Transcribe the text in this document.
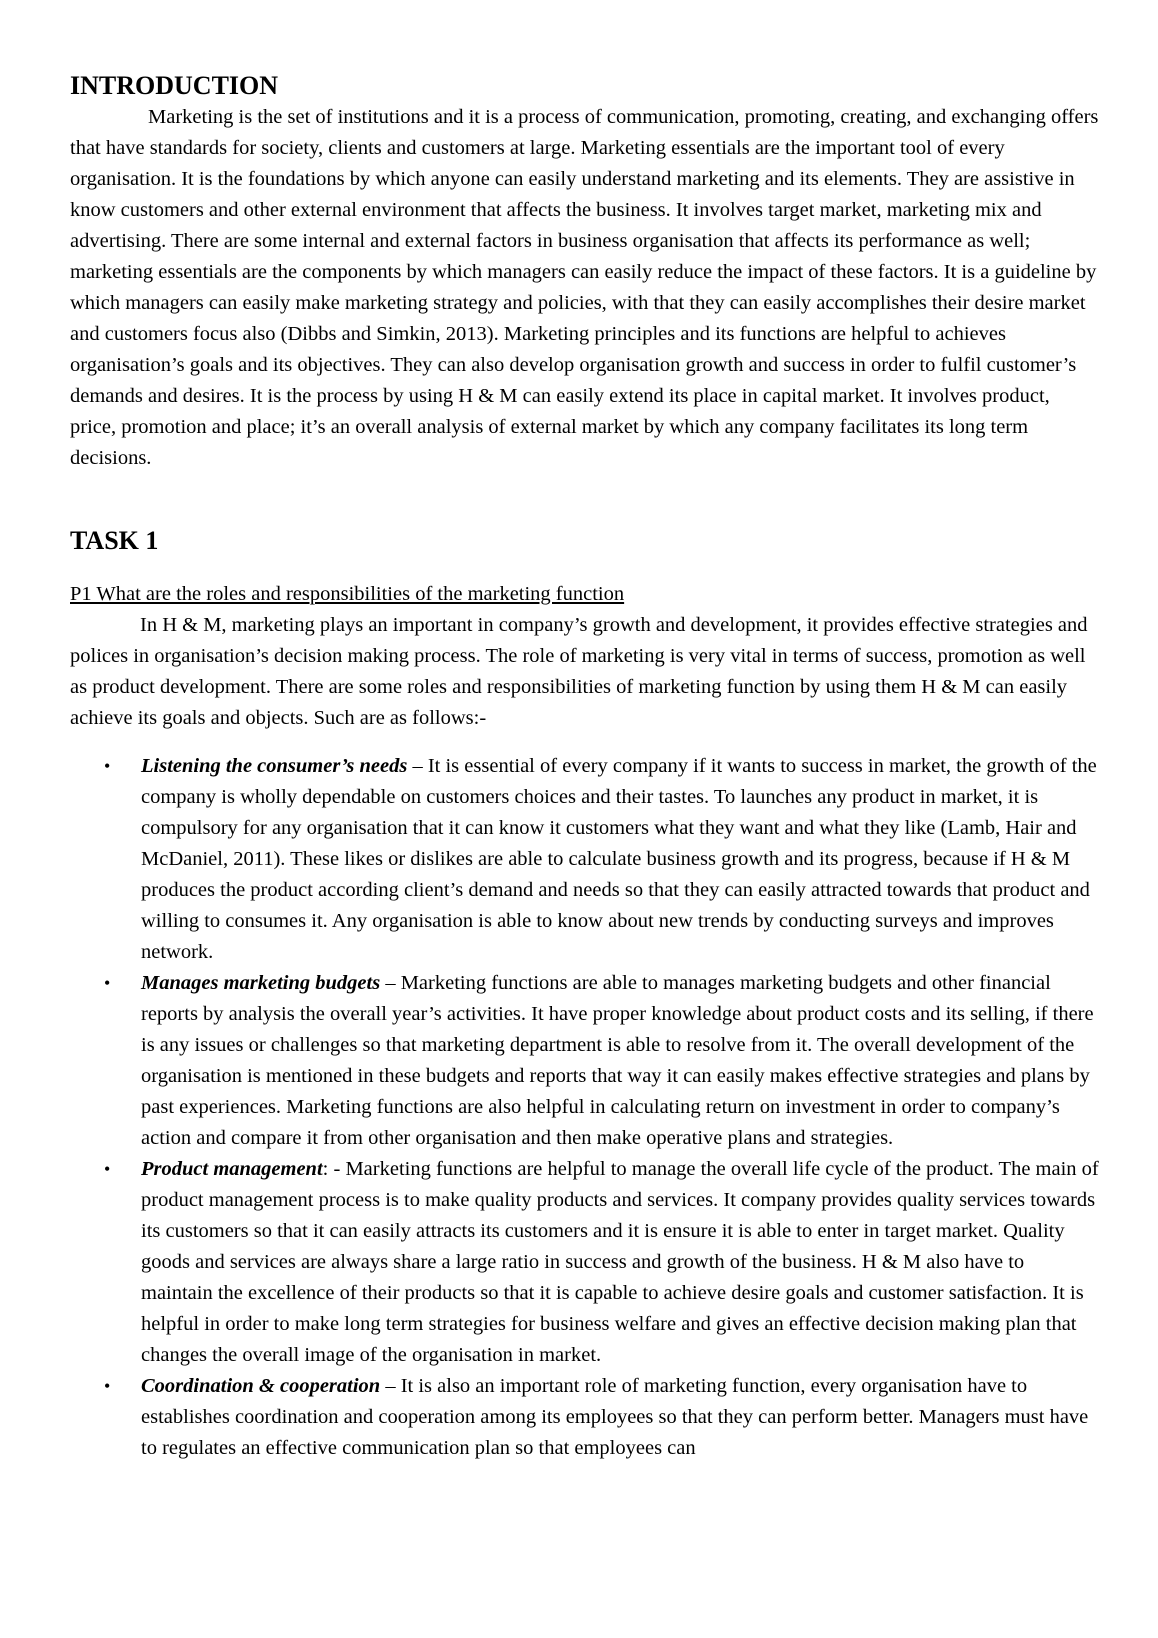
INTRODUCTION

Marketing is the set of institutions and it is a process of communication, promoting, creating, and exchanging offers that have standards for society, clients and customers at large. Marketing essentials are the important tool of every organisation. It is the foundations by which anyone can easily understand marketing and its elements. They are assistive in know customers and other external environment that affects the business. It involves target market, marketing mix and advertising. There are some internal and external factors in business organisation that affects its performance as well; marketing essentials are the components by which managers can easily reduce the impact of these factors. It is a guideline by which managers can easily make marketing strategy and policies, with that they can easily accomplishes their desire market and customers focus also (Dibbs and Simkin, 2013). Marketing principles and its functions are helpful to achieves organisation’s goals and its objectives. They can also develop organisation growth and success in order to fulfil customer’s demands and desires. It is the process by using H & M can easily extend its place in capital market. It involves product, price, promotion and place; it’s an overall analysis of external market by which any company facilitates its long term decisions.

TASK 1

P1 What are the roles and responsibilities of the marketing function

In H & M, marketing plays an important in company’s growth and development, it provides effective strategies and polices in organisation’s decision making process. The role of marketing is very vital in terms of success, promotion as well as product development. There are some roles and responsibilities of marketing function by using them H & M can easily achieve its goals and objects. Such are as follows:-

• Listening the consumer’s needs – It is essential of every company if it wants to success in market, the growth of the company is wholly dependable on customers choices and their tastes. To launches any product in market, it is compulsory for any organisation that it can know it customers what they want and what they like (Lamb, Hair and McDaniel, 2011). These likes or dislikes are able to calculate business growth and its progress, because if H & M produces the product according client’s demand and needs so that they can easily attracted towards that product and willing to consumes it. Any organisation is able to know about new trends by conducting surveys and improves network.
• Manages marketing budgets – Marketing functions are able to manages marketing budgets and other financial reports by analysis the overall year’s activities. It have proper knowledge about product costs and its selling, if there is any issues or challenges so that marketing department is able to resolve from it. The overall development of the organisation is mentioned in these budgets and reports that way it can easily makes effective strategies and plans by past experiences. Marketing functions are also helpful in calculating return on investment in order to company’s action and compare it from other organisation and then make operative plans and strategies.
• Product management: - Marketing functions are helpful to manage the overall life cycle of the product. The main of product management process is to make quality products and services. It company provides quality services towards its customers so that it can easily attracts its customers and it is ensure it is able to enter in target market. Quality goods and services are always share a large ratio in success and growth of the business. H & M also have to maintain the excellence of their products so that it is capable to achieve desire goals and customer satisfaction. It is helpful in order to make long term strategies for business welfare and gives an effective decision making plan that changes the overall image of the organisation in market.
• Coordination & cooperation – It is also an important role of marketing function, every organisation have to establishes coordination and cooperation among its employees so that they can perform better. Managers must have to regulates an effective communication plan so that employees can
